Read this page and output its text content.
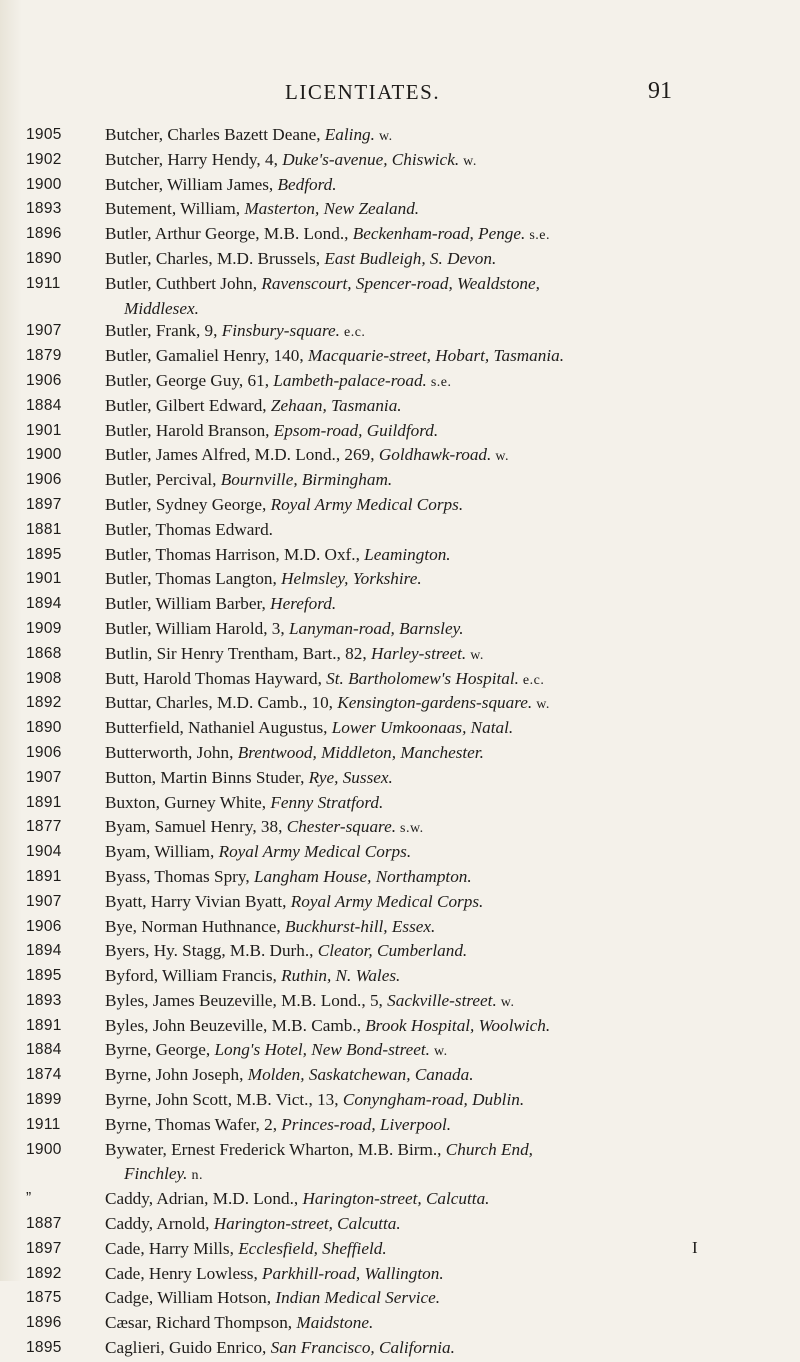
LICENTIATES.	91
1905	Butcher, Charles Bazett Deane, Ealing. w.
1902	Butcher, Harry Hendy, 4, Duke's-avenue, Chiswick. w.
1900	Butcher, William James, Bedford.
1893	Butement, William, Masterton, New Zealand.
1896	Butler, Arthur George, M.B. Lond., Beckenham-road, Penge. s.e.
1890	Butler, Charles, M.D. Brussels, East Budleigh, S. Devon.
1911	Butler, Cuthbert John, Ravenscourt, Spencer-road, Wealdstone,
Middlesex.
1907	Butler, Frank, 9, Finsbury-square. e.c.
1879	Butler, Gamaliel Henry, 140, Macquarie-street, Hobart, Tasmania.
1906	Butler, George Guy, 61, Lambeth-palace-road. s.e.
1884	Butler, Gilbert Edward, Zehaan, Tasmania.
1901	Butler, Harold Branson, Epsom-road, Guildford.
1900	Butler, James Alfred, M.D. Lond., 269, Goldhawk-road. w.
1906	Butler, Percival, Bournville, Birmingham.
1897	Butler, Sydney George, Royal Army Medical Corps.
1881	Butler, Thomas Edward.
1895	Butler, Thomas Harrison, M.D. Oxf., Leamington.
1901	Butler, Thomas Langton, Helmsley, Yorkshire.
1894	Butler, William Barber, Hereford.
1909	Butler, William Harold, 3, Lanyman-road, Barnsley.
1868	Butlin, Sir Henry Trentham, Bart., 82, Harley-street. w.
1908	Butt, Harold Thomas Hayward, St. Bartholomew's Hospital. e.c.
1892	Buttar, Charles, M.D. Camb., 10, Kensington-gardens-square. w.
1890	Butterfield, Nathaniel Augustus, Lower Umkoonaas, Natal.
1906	Butterworth, John, Brentwood, Middleton, Manchester.
1907	Button, Martin Binns Studer, Rye, Sussex.
1891	Buxton, Gurney White, Fenny Stratford.
1877	Byam, Samuel Henry, 38, Chester-square. s.w.
1904	Byam, William, Royal Army Medical Corps.
1891	Byass, Thomas Spry, Langham House, Northampton.
1907	Byatt, Harry Vivian Byatt, Royal Army Medical Corps.
1906	Bye, Norman Huthnance, Buckhurst-hill, Essex.
1894	Byers, Hy. Stagg, M.B. Durh., Cleator, Cumberland.
1895	Byford, William Francis, Ruthin, N. Wales.
1893	Byles, James Beuzeville, M.B. Lond., 5, Sackville-street. w.
1891	Byles, John Beuzeville, M.B. Camb., Brook Hospital, Woolwich.
1884	Byrne, George, Long's Hotel, New Bond-street. w.
1874	Byrne, John Joseph, Molden, Saskatchewan, Canada.
1899	Byrne, John Scott, M.B. Vict., 13, Conyngham-road, Dublin.
1911	Byrne, Thomas Wafer, 2, Princes-road, Liverpool.
1900	Bywater, Ernest Frederick Wharton, M.B. Birm., Church End,
Finchley. n.
”	Caddy, Adrian, M.D. Lond., Harington-street, Calcutta.
1887	Caddy, Arnold, Harington-street, Calcutta.
1897	Cade, Harry Mills, Ecclesfield, Sheffield.
1892	Cade, Henry Lowless, Parkhill-road, Wallington.
1875	Cadge, William Hotson, Indian Medical Service.
1896	Cæsar, Richard Thompson, Maidstone.
1895	Caglieri, Guido Enrico, San Francisco, California.
I
